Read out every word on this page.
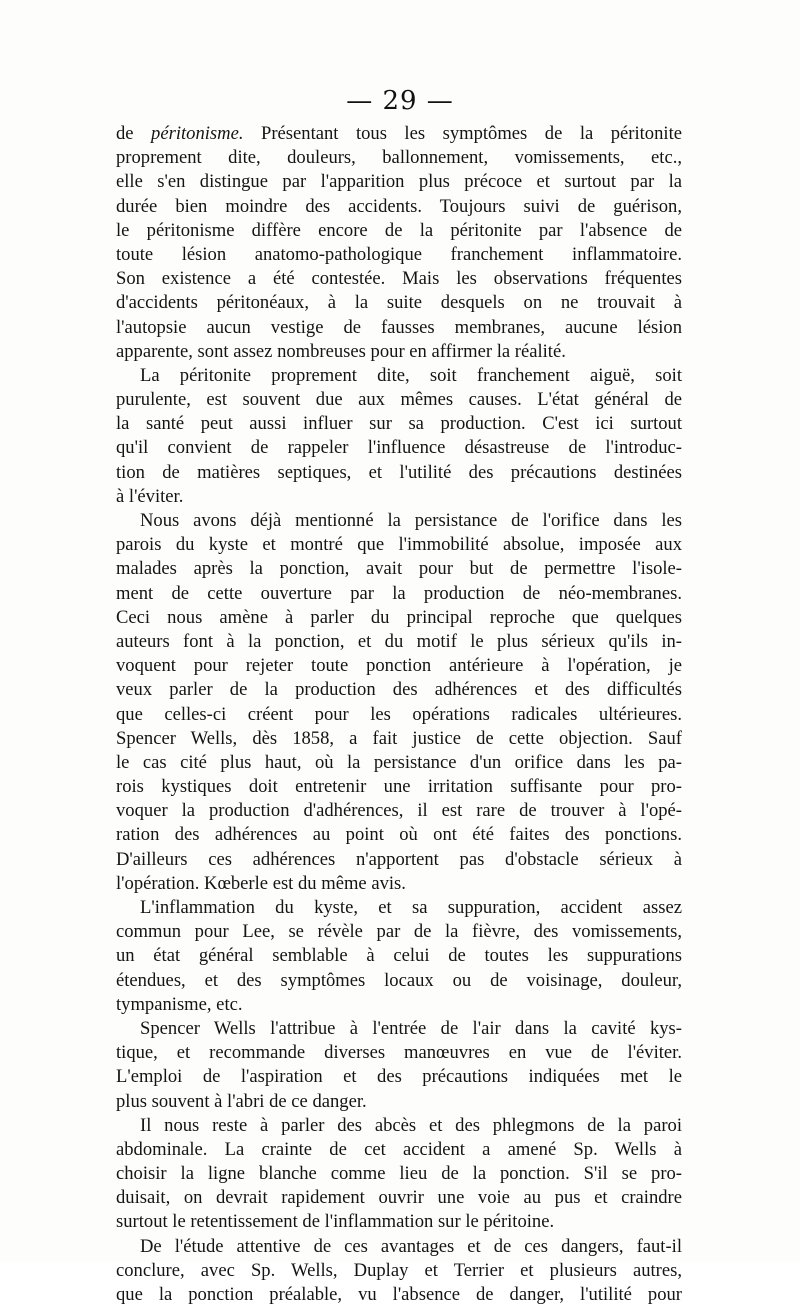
— 29 —
de péritonisme. Présentant tous les symptômes de la péritonite
proprement dite, douleurs, ballonnement, vomissements, etc.,
elle s'en distingue par l'apparition plus précoce et surtout par la
durée bien moindre des accidents. Toujours suivi de guérison,
le péritonisme diffère encore de la péritonite par l'absence de
toute lésion anatomo-pathologique franchement inflammatoire.
Son existence a été contestée. Mais les observations fréquentes
d'accidents péritonéaux, à la suite desquels on ne trouvait à
l'autopsie aucun vestige de fausses membranes, aucune lésion
apparente, sont assez nombreuses pour en affirmer la réalité.
La péritonite proprement dite, soit franchement aiguë, soit
purulente, est souvent due aux mêmes causes. L'état général de
la santé peut aussi influer sur sa production. C'est ici surtout
qu'il convient de rappeler l'influence désastreuse de l'introduc-
tion de matières septiques, et l'utilité des précautions destinées
à l'éviter.
Nous avons déjà mentionné la persistance de l'orifice dans les
parois du kyste et montré que l'immobilité absolue, imposée aux
malades après la ponction, avait pour but de permettre l'isole-
ment de cette ouverture par la production de néo-membranes.
Ceci nous amène à parler du principal reproche que quelques
auteurs font à la ponction, et du motif le plus sérieux qu'ils in-
voquent pour rejeter toute ponction antérieure à l'opération, je
veux parler de la production des adhérences et des difficultés
que celles-ci créent pour les opérations radicales ultérieures.
Spencer Wells, dès 1858, a fait justice de cette objection. Sauf
le cas cité plus haut, où la persistance d'un orifice dans les pa-
rois kystiques doit entretenir une irritation suffisante pour pro-
voquer la production d'adhérences, il est rare de trouver à l'opé-
ration des adhérences au point où ont été faites des ponctions.
D'ailleurs ces adhérences n'apportent pas d'obstacle sérieux à
l'opération. Kœberle est du même avis.
L'inflammation du kyste, et sa suppuration, accident assez
commun pour Lee, se révèle par de la fièvre, des vomissements,
un état général semblable à celui de toutes les suppurations
étendues, et des symptômes locaux ou de voisinage, douleur,
tympanisme, etc.
Spencer Wells l'attribue à l'entrée de l'air dans la cavité kys-
tique, et recommande diverses manœuvres en vue de l'éviter.
L'emploi de l'aspiration et des précautions indiquées met le
plus souvent à l'abri de ce danger.
Il nous reste à parler des abcès et des phlegmons de la paroi
abdominale. La crainte de cet accident a amené Sp. Wells à
choisir la ligne blanche comme lieu de la ponction. S'il se pro-
duisait, on devrait rapidement ouvrir une voie au pus et craindre
surtout le retentissement de l'inflammation sur le péritoine.
De l'étude attentive de ces avantages et de ces dangers, faut-il
conclure, avec Sp. Wells, Duplay et Terrier et plusieurs autres,
que la ponction préalable, vu l'absence de danger, l'utilité pour
